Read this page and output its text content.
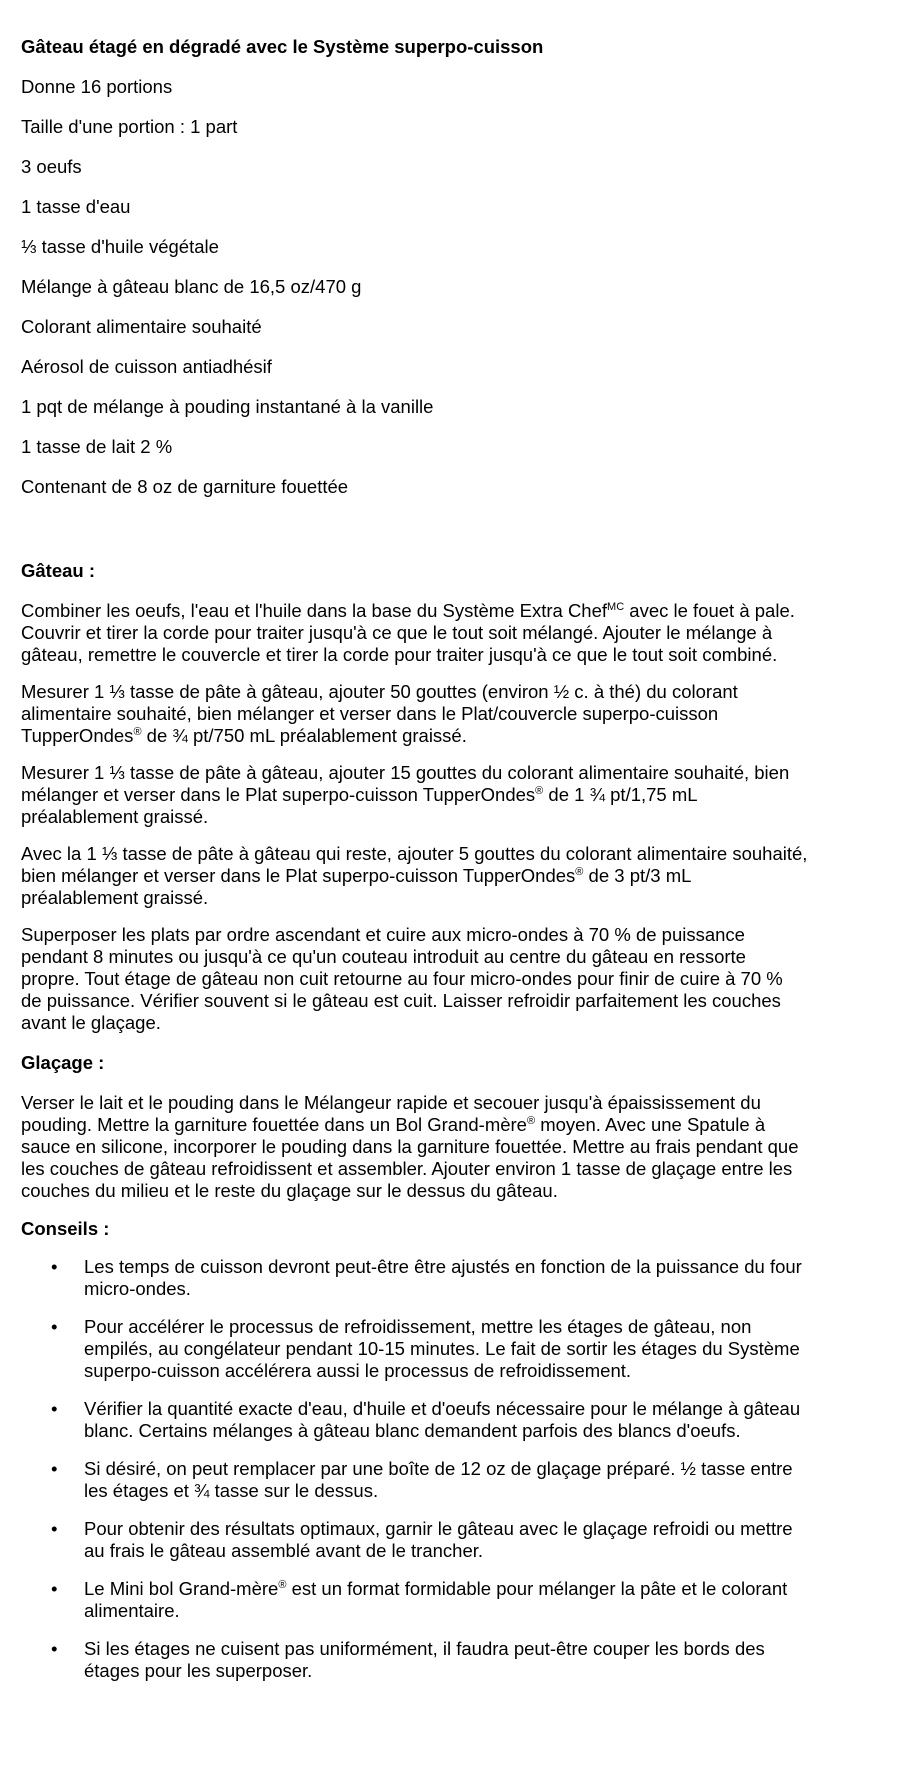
Gâteau étagé en dégradé avec le Système superpo-cuisson
Donne 16 portions
Taille d'une portion : 1 part
3 oeufs
1 tasse d'eau
⅓ tasse d'huile végétale
Mélange à gâteau blanc de 16,5 oz/470 g
Colorant alimentaire souhaité
Aérosol de cuisson antiadhésif
1 pqt de mélange à pouding instantané à la vanille
1 tasse de lait 2 %
Contenant de 8 oz de garniture fouettée
Gâteau :
Combiner les oeufs, l'eau et l'huile dans la base du Système Extra Chef$^{MC}$ avec le fouet à pale.
Couvrir et tirer la corde pour traiter jusqu'à ce que le tout soit mélangé. Ajouter le mélange à
gâteau, remettre le couvercle et tirer la corde pour traiter jusqu'à ce que le tout soit combiné.
Mesurer 1 ⅓ tasse de pâte à gâteau, ajouter 50 gouttes (environ ½ c. à thé) du colorant
alimentaire souhaité, bien mélanger et verser dans le Plat/couvercle superpo-cuisson
TupperOndes® de ¾ pt/750 mL préalablement graissé.
Mesurer 1 ⅓ tasse de pâte à gâteau, ajouter 15 gouttes du colorant alimentaire souhaité, bien
mélanger et verser dans le Plat superpo-cuisson TupperOndes® de 1 ¾ pt/1,75 mL
préalablement graissé.
Avec la 1 ⅓ tasse de pâte à gâteau qui reste, ajouter 5 gouttes du colorant alimentaire souhaité,
bien mélanger et verser dans le Plat superpo-cuisson TupperOndes® de 3 pt/3 mL
préalablement graissé.
Superposer les plats par ordre ascendant et cuire aux micro-ondes à 70 % de puissance
pendant 8 minutes ou jusqu'à ce qu'un couteau introduit au centre du gâteau en ressorte
propre. Tout étage de gâteau non cuit retourne au four micro-ondes pour finir de cuire à 70 %
de puissance. Vérifier souvent si le gâteau est cuit. Laisser refroidir parfaitement les couches
avant le glaçage.
Glaçage :
Verser le lait et le pouding dans le Mélangeur rapide et secouer jusqu'à épaississement du
pouding. Mettre la garniture fouettée dans un Bol Grand-mère® moyen. Avec une Spatule à
sauce en silicone, incorporer le pouding dans la garniture fouettée. Mettre au frais pendant que
les couches de gâteau refroidissent et assembler. Ajouter environ 1 tasse de glaçage entre les
couches du milieu et le reste du glaçage sur le dessus du gâteau.
Conseils :
• Les temps de cuisson devront peut-être être ajustés en fonction de la puissance du four
micro-ondes.
• Pour accélérer le processus de refroidissement, mettre les étages de gâteau, non
empilés, au congélateur pendant 10-15 minutes. Le fait de sortir les étages du Système
superpo-cuisson accélérera aussi le processus de refroidissement.
• Vérifier la quantité exacte d'eau, d'huile et d'oeufs nécessaire pour le mélange à gâteau
blanc. Certains mélanges à gâteau blanc demandent parfois des blancs d'oeufs.
• Si désiré, on peut remplacer par une boîte de 12 oz de glaçage préparé. ½ tasse entre
les étages et ¾ tasse sur le dessus.
• Pour obtenir des résultats optimaux, garnir le gâteau avec le glaçage refroidi ou mettre
au frais le gâteau assemblé avant de le trancher.
• Le Mini bol Grand-mère® est un format formidable pour mélanger la pâte et le colorant
alimentaire.
• Si les étages ne cuisent pas uniformément, il faudra peut-être couper les bords des
étages pour les superposer.
